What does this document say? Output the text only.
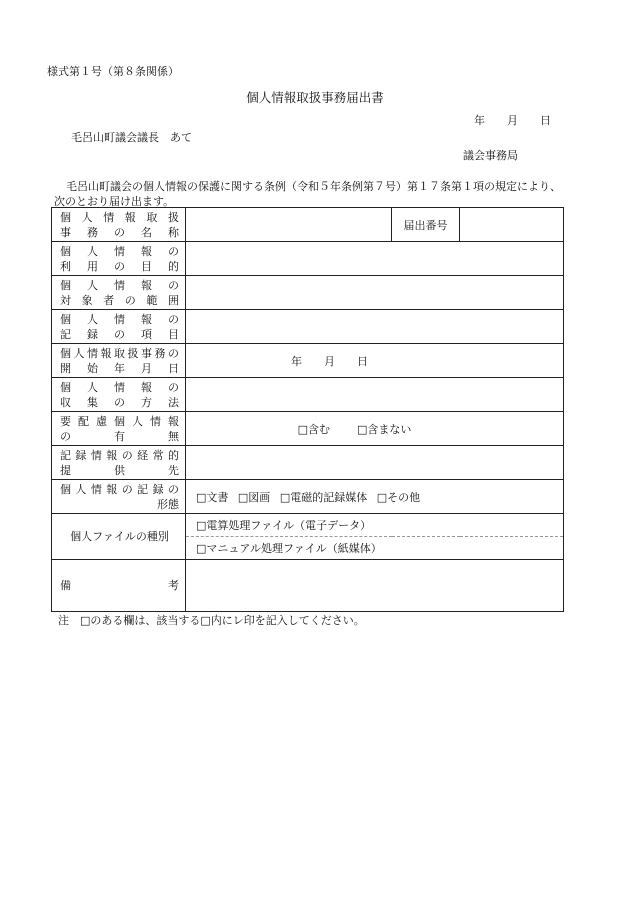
様式第１号（第８条関係）
個人情報取扱事務届出書
年　　月　　日
毛呂山町議会議長　あて
議会事務局
毛呂山町議会の個人情報の保護に関する条例（令和５年条例第７号）第１７条第１項の規定により、
次のとおり届け出ます。
個人情報取扱
事務の名称		届出番号	

個人情報の
利用の目的			

個人情報の
対象者の範囲			

個人情報の
記録の項目			

個人情報取扱事務の
開始年月日	年　　月　　日		

個人情報の
収集の方法			

要配慮個人情報
の　有　無	□含む □含まない		

記録情報の経常的
提供先			

個人情報の記録の
形態	□文書 □図画 □電磁的記録媒体 □その他		

個人ファイルの種別	□電算処理ファイル（電子データ）		
	□マニュアル処理ファイル（紙媒体）		

備　　　　　　考			

注　□のある欄は、該当する□内にレ印を記入してください。
